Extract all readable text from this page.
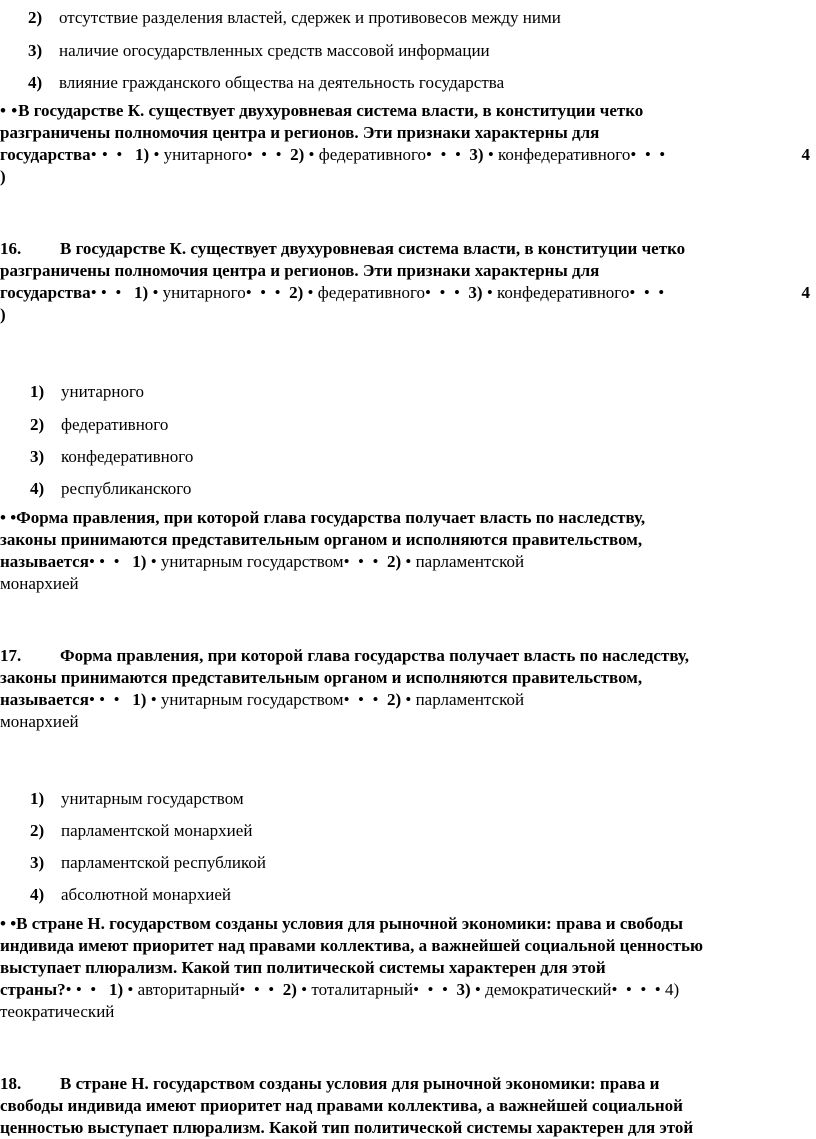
2) отсутствие разделения властей, сдержек и противовесов между ними
3) наличие огосударствленных средств массовой информации
4) влияние гражданского общества на деятельность государства
• •В государстве К. существует двухуровневая система власти, в конституции четко
разграничены полномочия центра и регионов. Эти признаки характерны для
государства• • • 1) • унитарного• • • 2) • федеративного• • • 3) • конфедеративного• • •	4
)
16. В государстве К. существует двухуровневая система власти, в конституции четко
разграничены полномочия центра и регионов. Эти признаки характерны для
государства• • • 1) • унитарного• • • 2) • федеративного• • • 3) • конфедеративного• • •	4
)
1) унитарного
2) федеративного
3) конфедеративного
4) республиканского
• •Форма правления, при которой глава государства получает власть по наследству,
законы принимаются представительным органом и исполняются правительством,
называется• • • 1) • унитарным государством• • • 2) • парламентской
монархией
17. Форма правления, при которой глава государства получает власть по наследству,
законы принимаются представительным органом и исполняются правительством,
называется• • • 1) • унитарным государством• • • 2) • парламентской
монархией
1) унитарным государством
2) парламентской монархией
3) парламентской республикой
4) абсолютной монархией
• •В стране Н. государством созданы условия для рыночной экономики: права и свободы
индивида имеют приоритет над правами коллектива, а важнейшей социальной ценностью
выступает плюрализм. Какой тип политической системы характерен для этой
страны?• • • 1) • авторитарный• • • 2) • тоталитарный• • • 3) • демократический• • • • 4)
теократический
18. В стране Н. государством созданы условия для рыночной экономики: права и
свободы индивида имеют приоритет над правами коллектива, а важнейшей социальной
ценностью выступает плюрализм. Какой тип политической системы характерен для этой
